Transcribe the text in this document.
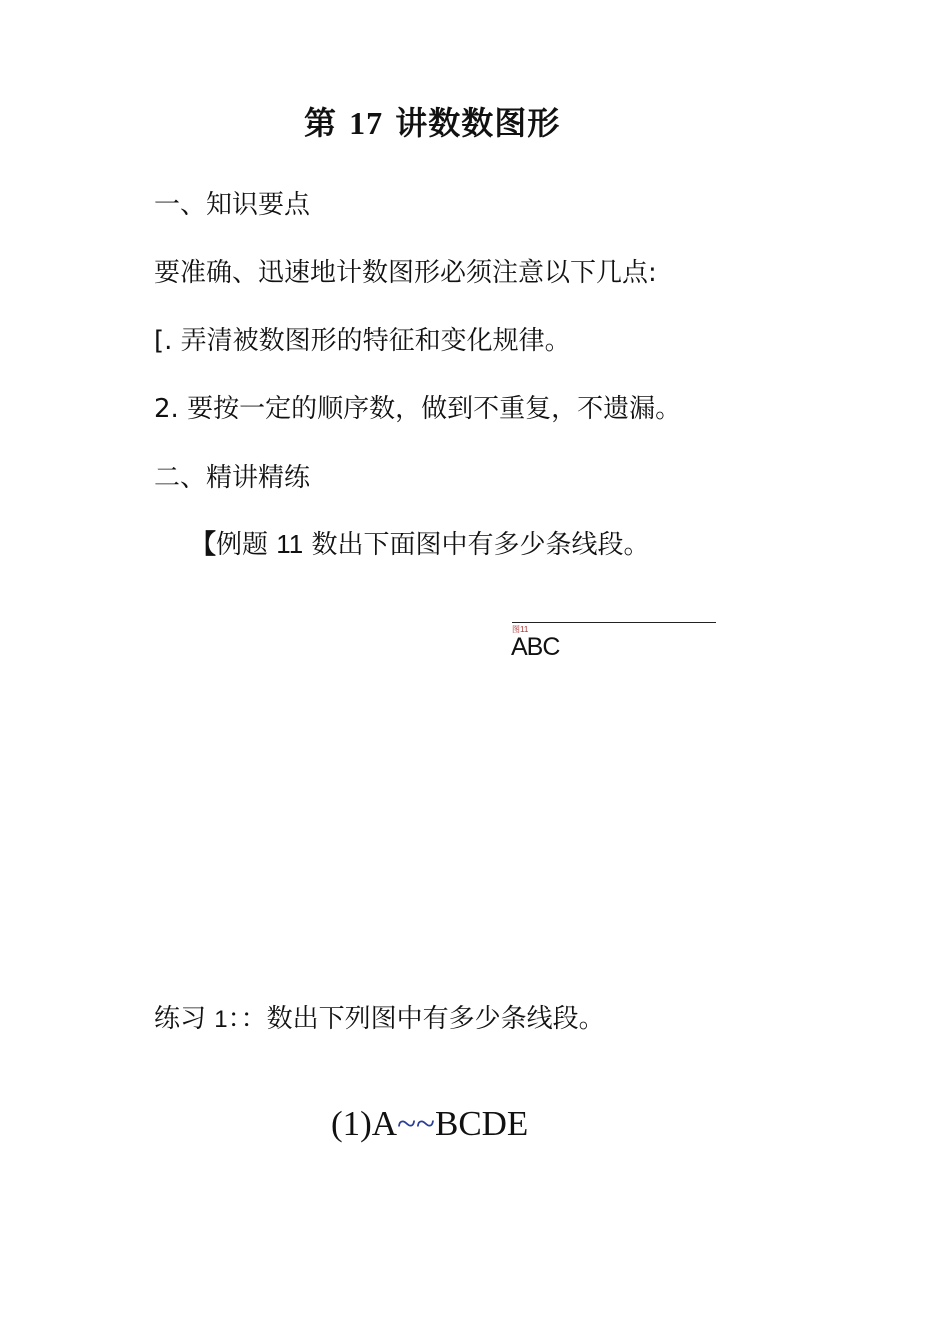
第 17 讲数数图形
一、知识要点
要准确、迅速地计数图形必须注意以下几点:
[. 弄清被数图形的特征和变化规律。
2. 要按一定的顺序数，做到不重复，不遗漏。
二、精讲精练
【例题 11 数出下面图中有多少条线段。
图11
ABC
练习 1：：数出下列图中有多少条线段。
(1)A~~BCDE
